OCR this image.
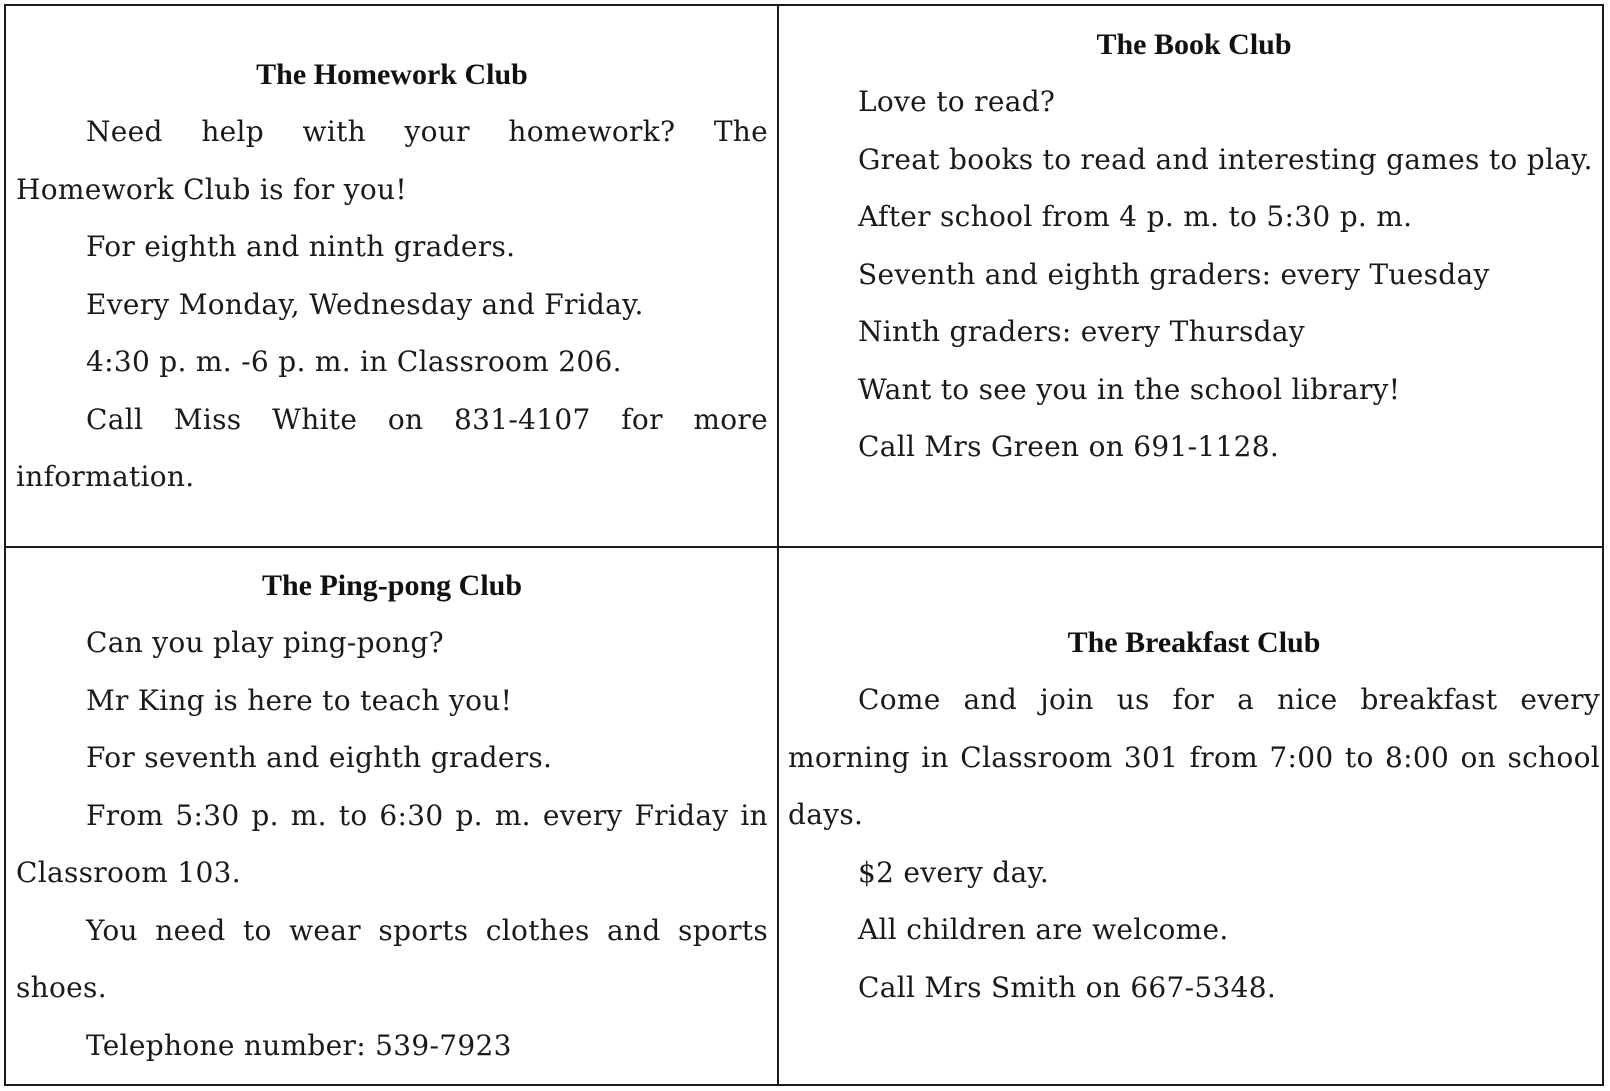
The Homework Club

Need help with your homework? The Homework Club is for you!

For eighth and ninth graders.

Every Monday, Wednesday and Friday.

4:30 p. m. -6 p. m. in Classroom 206.

Call Miss White on 831-4107 for more information.

The Book Club

Love to read?

Great books to read and interesting games to play.

After school from 4 p. m. to 5:30 p. m.

Seventh and eighth graders: every Tuesday

Ninth graders: every Thursday

Want to see you in the school library!

Call Mrs Green on 691-1128.

The Ping-pong Club

Can you play ping-pong?

Mr King is here to teach you!

For seventh and eighth graders.

From 5:30 p. m. to 6:30 p. m. every Friday in Classroom 103.

You need to wear sports clothes and sports shoes.

Telephone number: 539-7923

The Breakfast Club

Come and join us for a nice breakfast every morning in Classroom 301 from 7:00 to 8:00 on school days.

$2 every day.

All children are welcome.

Call Mrs Smith on 667-5348.
